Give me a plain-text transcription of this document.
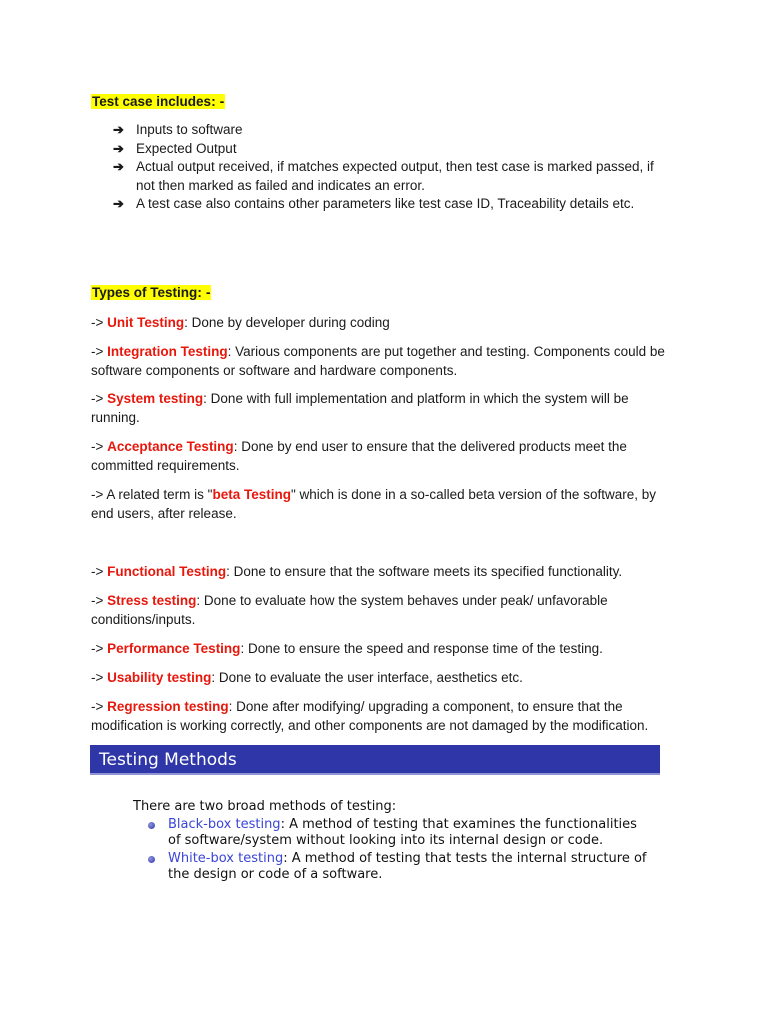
Test case includes: -
➔ Inputs to software
➔ Expected Output
➔ Actual output received, if matches expected output, then test case is marked passed, if not then marked as failed and indicates an error.
➔ A test case also contains other parameters like test case ID, Traceability details etc.
Types of Testing: -

-> Unit Testing: Done by developer during coding

-> Integration Testing: Various components are put together and testing. Components could be software components or software and hardware components.

-> System testing: Done with full implementation and platform in which the system will be running.

-> Acceptance Testing: Done by end user to ensure that the delivered products meet the committed requirements.

-> A related term is "beta Testing" which is done in a so-called beta version of the software, by end users, after release.

-> Functional Testing: Done to ensure that the software meets its specified functionality.

-> Stress testing: Done to evaluate how the system behaves under peak/ unfavorable conditions/inputs.

-> Performance Testing: Done to ensure the speed and response time of the testing.

-> Usability testing: Done to evaluate the user interface, aesthetics etc.

-> Regression testing: Done after modifying/ upgrading a component, to ensure that the modification is working correctly, and other components are not damaged by the modification.

Testing Methods

There are two broad methods of testing:

Black-box testing: A method of testing that examines the functionalities of software/system without looking into its internal design or code.
White-box testing: A method of testing that tests the internal structure of the design or code of a software.
